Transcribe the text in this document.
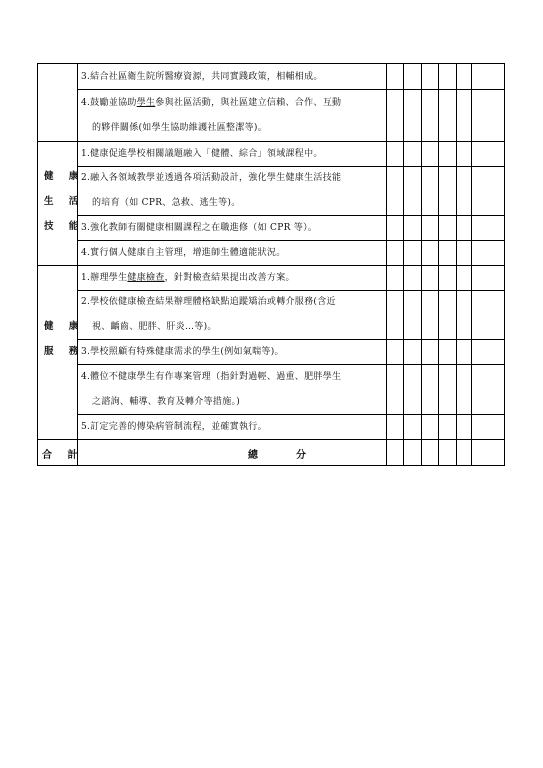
3.結合社區衛生院所醫療資源，共同實踐政策，相輔相成。
4.鼓勵並協助學生參與社區活動，與社區建立信賴、合作、互動
的夥伴關係(如學生協助維護社區整潔等)。
健 康
生 活
技 能
1.健康促進學校相關議題融入「健體、綜合」領域課程中。
2.融入各領域教學並透過各項活動設計，強化學生健康生活技能
的培育（如 CPR、急救、逃生等)。
3.強化教師有關健康相關課程之在職進修（如 CPR 等）。
4.實行個人健康自主管理，增進師生體適能狀況。
健 康
服 務
1.辦理學生健康檢查，針對檢查結果提出改善方案。
2.學校依健康檢查結果辦理體格缺點追蹤矯治或轉介服務(含近
視、齲齒、肥胖、肝炎…等)。
3.學校照顧有特殊健康需求的學生(例如氣喘等)。
4.體位不健康學生有作專案管理（指針對過輕、過重、肥胖學生
之諮詢、輔導、教育及轉介等措施。)
5.訂定完善的傳染病管制流程，並確實執行。
合 計	總　　分
